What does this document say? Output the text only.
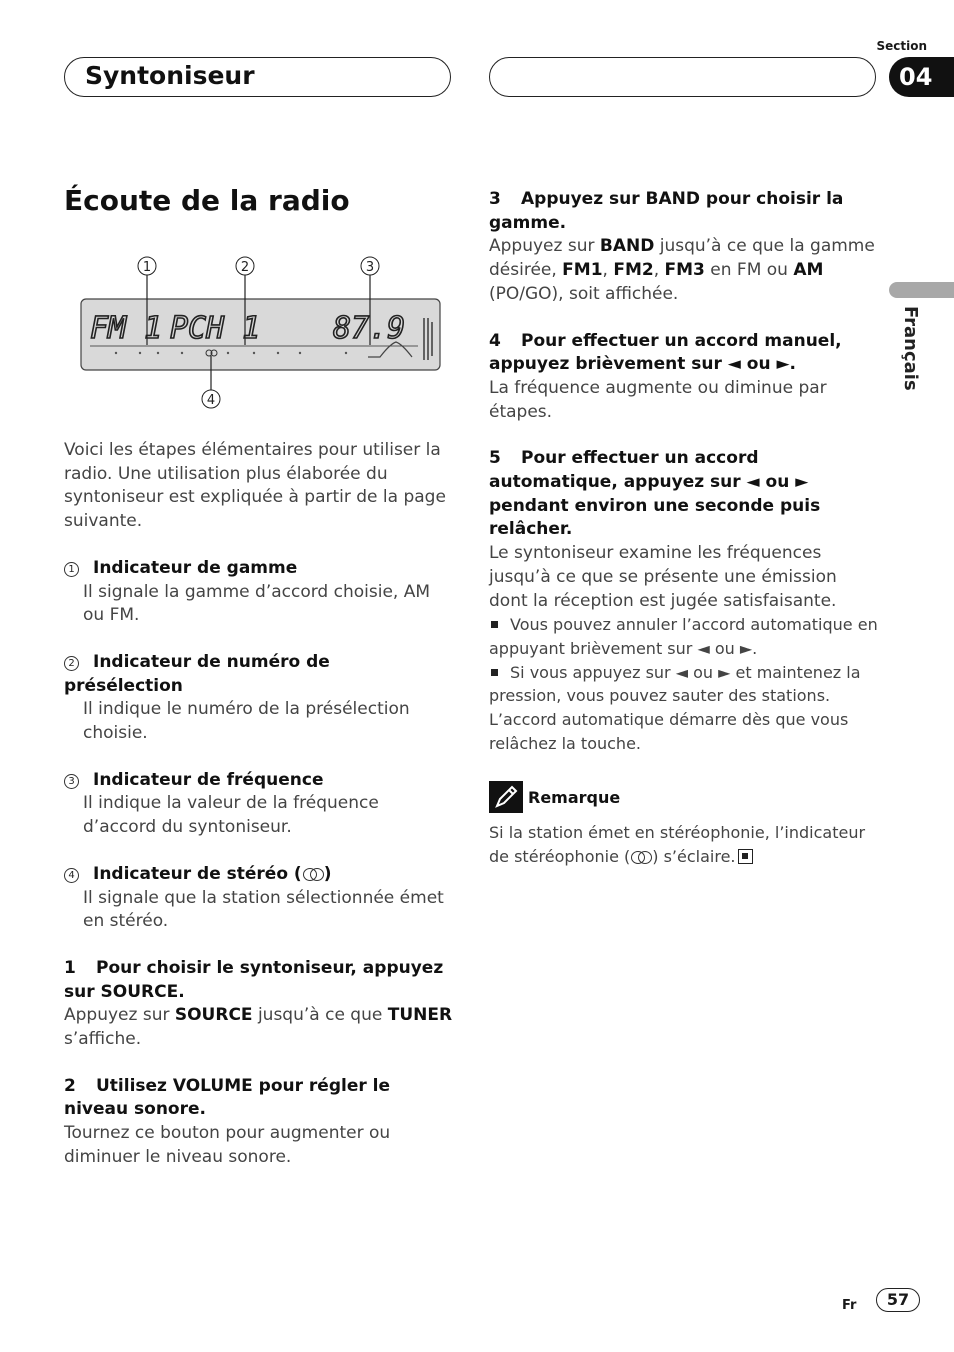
Syntoniseur
Section
04
Français
Écoute de la radio
1	2	3
4
FM 1 PCH 1 87.9

Voici les étapes élémentaires pour utiliser la radio. Une utilisation plus élaborée du syntoniseur est expliquée à partir de la page suivante.

1 Indicateur de gamme
Il signale la gamme d’accord choisie, AM ou FM.
2 Indicateur de numéro de présélection
Il indique le numéro de la présélection choisie.
3 Indicateur de fréquence
Il indique la valeur de la fréquence d’accord du syntoniseur.
4 Indicateur de stéréo ( )
Il signale que la station sélectionnée émet en stéréo.
1 Pour choisir le syntoniseur, appuyez sur SOURCE.
Appuyez sur SOURCE jusqu’à ce que TUNER s’affiche.
2 Utilisez VOLUME pour régler le niveau sonore.
Tournez ce bouton pour augmenter ou diminuer le niveau sonore.
3 Appuyez sur BAND pour choisir la gamme.
Appuyez sur BAND jusqu’à ce que la gamme désirée, FM1, FM2, FM3 en FM ou AM (PO/GO), soit affichée.
4 Pour effectuer un accord manuel, appuyez brièvement sur ◄ ou ►.
La fréquence augmente ou diminue par étapes.
5 Pour effectuer un accord automatique, appuyez sur ◄ ou ► pendant environ une seconde puis relâcher.
Le syntoniseur examine les fréquences jusqu’à ce que se présente une émission dont la réception est jugée satisfaisante.
Vous pouvez annuler l’accord automatique en appuyant brièvement sur ◄ ou ►.
Si vous appuyez sur ◄ ou ► et maintenez la pression, vous pouvez sauter des stations. L’accord automatique démarre dès que vous relâchez la touche.
Remarque
Si la station émet en stéréophonie, l’indicateur de stéréophonie ( ) s’éclaire.
Fr	57
